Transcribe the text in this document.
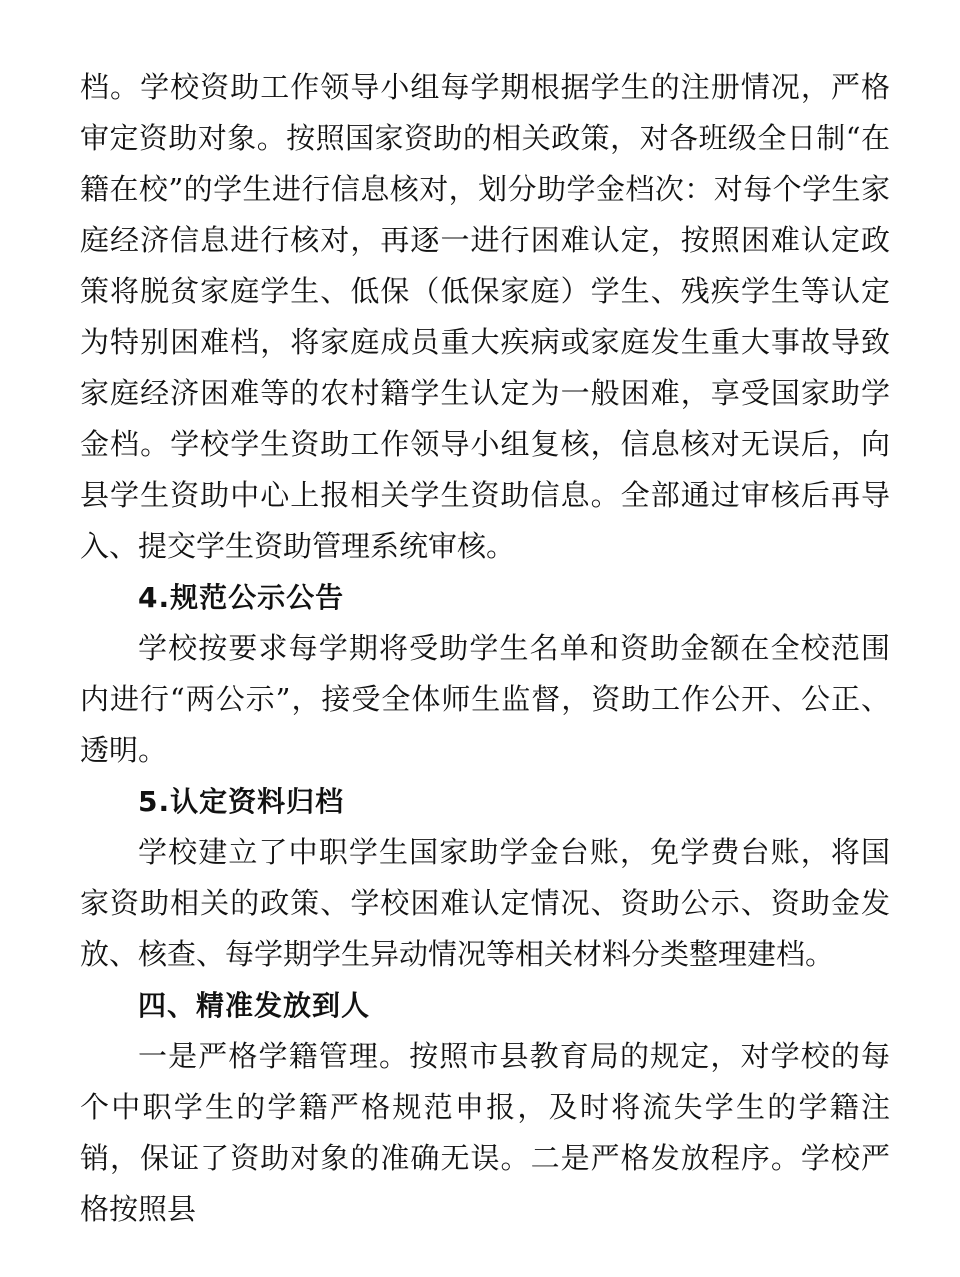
档。学校资助工作领导小组每学期根据学生的注册情况，严格审定资助对象。按照国家资助的相关政策，对各班级全日制“在籍在校”的学生进行信息核对，划分助学金档次：对每个学生家庭经济信息进行核对，再逐一进行困难认定，按照困难认定政策将脱贫家庭学生、低保（低保家庭）学生、残疾学生等认定为特别困难档，将家庭成员重大疾病或家庭发生重大事故导致家庭经济困难等的农村籍学生认定为一般困难，享受国家助学金档。学校学生资助工作领导小组复核，信息核对无误后，向县学生资助中心上报相关学生资助信息。全部通过审核后再导入、提交学生资助管理系统审核。

4.规范公示公告

学校按要求每学期将受助学生名单和资助金额在全校范围内进行“两公示”，接受全体师生监督，资助工作公开、公正、透明。

5.认定资料归档

学校建立了中职学生国家助学金台账，免学费台账，将国家资助相关的政策、学校困难认定情况、资助公示、资助金发放、核查、每学期学生异动情况等相关材料分类整理建档。

四、精准发放到人

一是严格学籍管理。按照市县教育局的规定，对学校的每个中职学生的学籍严格规范申报，及时将流失学生的学籍注销，保证了资助对象的准确无误。二是严格发放程序。学校严格按照县
